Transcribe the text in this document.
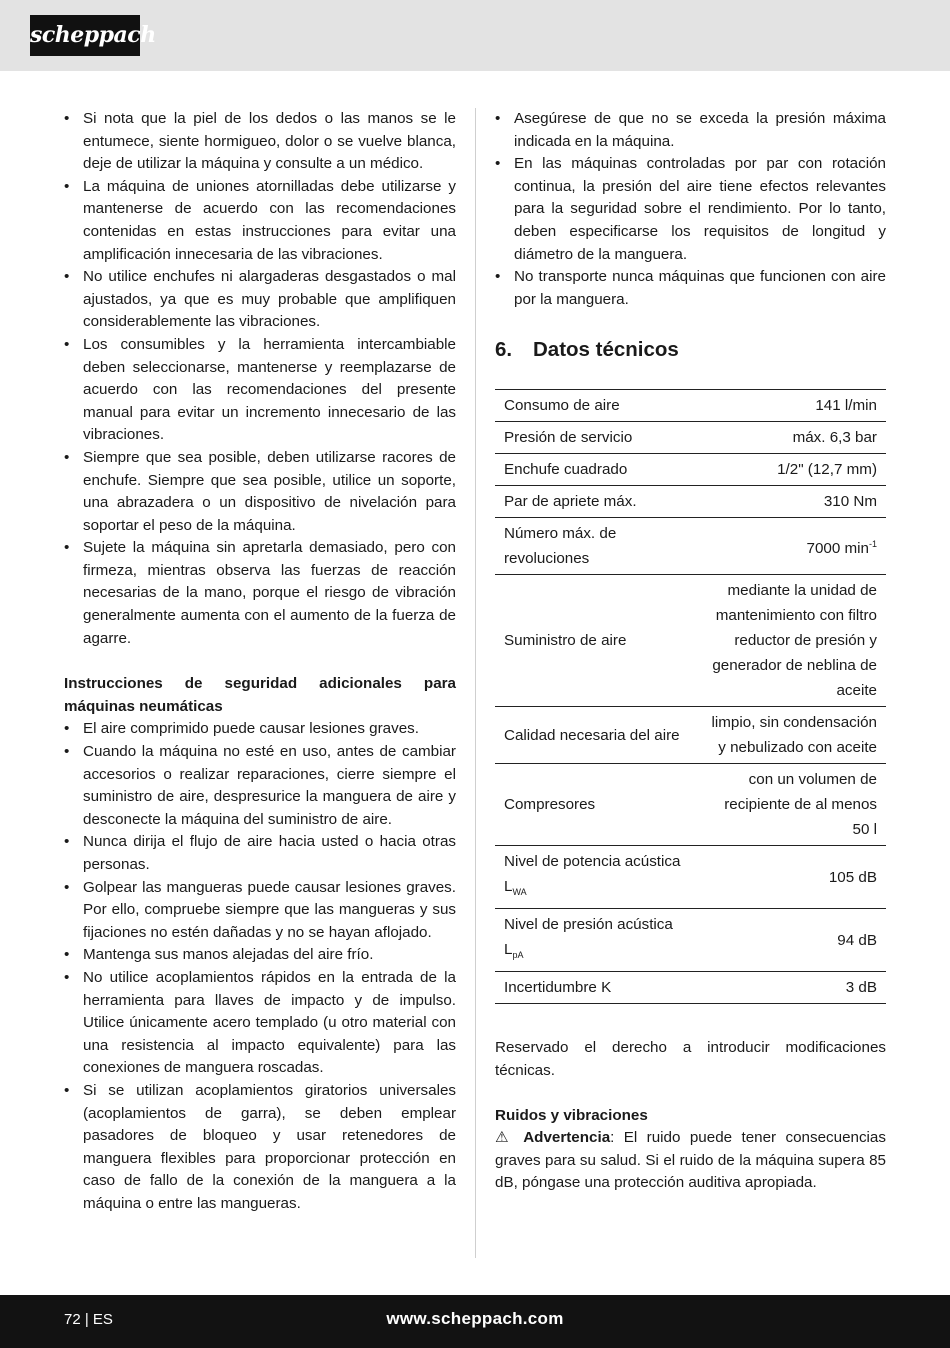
scheppach
• Si nota que la piel de los dedos o las manos se le entumece, siente hormigueo, dolor o se vuelve blanca, deje de utilizar la máquina y consulte a un médico.
• La máquina de uniones atornilladas debe utilizarse y mantenerse de acuerdo con las recomendaciones contenidas en estas instrucciones para evitar una amplificación innecesaria de las vibraciones.
• No utilice enchufes ni alargaderas desgastados o mal ajustados, ya que es muy probable que amplifiquen considerablemente las vibraciones.
• Los consumibles y la herramienta intercambiable deben seleccionarse, mantenerse y reemplazarse de acuerdo con las recomendaciones del presente manual para evitar un incremento innecesario de las vibraciones.
• Siempre que sea posible, deben utilizarse racores de enchufe. Siempre que sea posible, utilice un soporte, una abrazadera o un dispositivo de nivelación para soportar el peso de la máquina.
• Sujete la máquina sin apretarla demasiado, pero con firmeza, mientras observa las fuerzas de reacción necesarias de la mano, porque el riesgo de vibración generalmente aumenta con el aumento de la fuerza de agarre.
Instrucciones de seguridad adicionales para máquinas neumáticas
• El aire comprimido puede causar lesiones graves.
• Cuando la máquina no esté en uso, antes de cambiar accesorios o realizar reparaciones, cierre siempre el suministro de aire, despresurice la manguera de aire y desconecte la máquina del suministro de aire.
• Nunca dirija el flujo de aire hacia usted o hacia otras personas.
• Golpear las mangueras puede causar lesiones graves. Por ello, compruebe siempre que las mangueras y sus fijaciones no estén dañadas y no se hayan aflojado.
• Mantenga sus manos alejadas del aire frío.
• No utilice acoplamientos rápidos en la entrada de la herramienta para llaves de impacto y de impulso. Utilice únicamente acero templado (u otro material con una resistencia al impacto equivalente) para las conexiones de manguera roscadas.
• Si se utilizan acoplamientos giratorios universales (acoplamientos de garra), se deben emplear pasadores de bloqueo y usar retenedores de manguera flexibles para proporcionar protección en caso de fallo de la conexión de la manguera a la máquina o entre las mangueras.
• Asegúrese de que no se exceda la presión máxima indicada en la máquina.
• En las máquinas controladas por par con rotación continua, la presión del aire tiene efectos relevantes para la seguridad sobre el rendimiento. Por lo tanto, deben especificarse los requisitos de longitud y diámetro de la manguera.
• No transporte nunca máquinas que funcionen con aire por la manguera.
6. Datos técnicos
Consumo de aire	141 l/min
Presión de servicio	máx. 6,3 bar
Enchufe cuadrado	1/2" (12,7 mm)
Par de apriete máx.	310 Nm
Número máx. de revoluciones	7000 $\min^{-1}$
Suministro de aire	mediante la unidad de mantenimiento con filtro reductor de presión y generador de neblina de aceite
Calidad necesaria del aire	limpio, sin condensación y nebulizado con aceite
Compresores	con un volumen de recipiente de al menos 50 l
Nivel de potencia acústica $L_{WA}$	105 dB
Nivel de presión acústica $L_{pA}$	94 dB
Incertidumbre K	3 dB
Reservado el derecho a introducir modificaciones técnicas.
Ruidos y vibraciones
⚠ Advertencia: El ruido puede tener consecuencias graves para su salud. Si el ruido de la máquina supera 85 dB, póngase una protección auditiva apropiada.
72 | ES	www.scheppach.com
